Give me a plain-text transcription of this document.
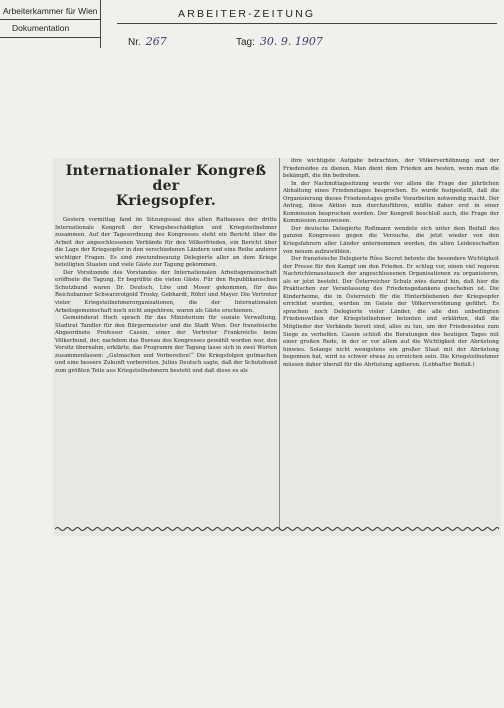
Arbeiterkammer für Wien
Dokumentation
ARBEITER-ZEITUNG
Nr. 267	Tag: 30. 9. 1907
Internationaler Kongreß der
Kriegsopfer.

Gestern vormittag fand im Sitzungssaal des alten Rathauses der dritte Internationale Kongreß der Kriegsbeschädigten und Kriegsteilnehmer zusammen. Auf der Tagesordnung des Kongresses steht ein Bericht über die Arbeit der angeschlossenen Verbände für den Völkerfrieden, ein Bericht über die Lage der Kriegsopfer in den verschiedenen Ländern und eine Reihe anderer wichtiger Fragen. Es sind zweiundneunzig Delegierte aller an dem Kriege beteiligten Staaten und viele Gäste zur Tagung gekommen.

Der Vorsitzende des Vorstandes der Internationalen Arbeitsgemeinschaft eröffnete die Tagung. Er begrüßte die vielen Gäste. Für den Republikanischen Schutzbund waren Dr. Deutsch, Löw und Moser gekommen, für das Reichsbanner Schwarzrotgold Trosky, Gebhardt, Röhrl und Mayer. Die Vertreter vieler Kriegsteilnehmerorganisationen, die der Internationalen Arbeitsgemeinschaft noch nicht angehören, waren als Gäste erschienen.

Gemeinderat Hoch sprach für das Ministerium für soziale Verwaltung, Stadtrat Tandler für den Bürgermeister und die Stadt Wien. Der französische Abgeordnete Professor Cassin, einer der Vertreter Frankreichs beim Völkerbund, der, nachdem das Bureau des Kongresses gewählt worden war, den Vorsitz übernahm, erklärte, das Programm der Tagung lasse sich in zwei Worten zusammenfassen: „Gutmachen und Vorbereiten!“ Die Kriegsfolgen gutmachen und eine bessere Zukunft vorbereiten. Julius Deutsch sagte, daß der Schutzbund zum größten Teile aus Kriegsteilnehmern besteht und daß diese es als

ihre wichtigste Aufgabe betrachten, der Völkerverhöhnung und der Friedensidee zu dienen. Man dient dem Frieden am besten, wenn man die bekämpft, die ihn bedrohen.

In der Nachmittagssitzung wurde vor allem die Frage der jährlichen Abhaltung eines Friedenstages besprochen. Es wurde festgestellt, daß die Organisierung dieses Friedenstages große Vorarbeiten notwendig macht. Der Antrag, diese Aktion nun durchzuführen, müßte daher erst in einer Kommission besprochen werden. Der Kongreß beschloß auch, die Frage der Kommission zuzuweisen.

Der deutsche Delegierte Roßmann wendete sich unter dem Beifall des ganzen Kongresses gegen die Versuche, die jetzt wieder von den Kriegsfahrern aller Länder unternommen werden, die alten Leidenschaften von neuem aufzuwühlen.

Der französische Delegierte Rôss Secret betonte die besondere Wichtigkeit der Presse für den Kampf um den Frieden. Er schlug vor, einen viel regeren Nachrichtenaustausch der angeschlossenen Organisationen zu organisieren, als er jetzt besteht. Der Österreicher Schulz wies darauf hin, daß hier die Praktischen zur Veranlassung des Friedensgedankens geschehen ist. Die Kinderheime, die in Österreich für die Hinterbliebenen der Kriegsopfer errichtet wurden, werden im Geiste der Völkerversöhnung geführt. Es sprachen noch Delegierte vieler Länder, die alle den unbedingten Friedenswillen der Kriegsteilnehmer betonten und erklärten, daß die Mitglieder der Verbände bereit sind, alles zu tun, um der Friedensidee zum Siege zu verhelfen. Cassin schloß die Beratungen des heutigen Tages mit einer großen Rede, in der er vor allem auf die Wichtigkeit der Abrüstung hinwies. Solange nicht wenigstens ein großer Staat mit der Abrüstung begonnen hat, wird es schwer etwas zu erreichen sein. Die Kriegsteilnehmer müssen daher überall für die Abrüstung agitieren. (Lebhafter Beifall.)
